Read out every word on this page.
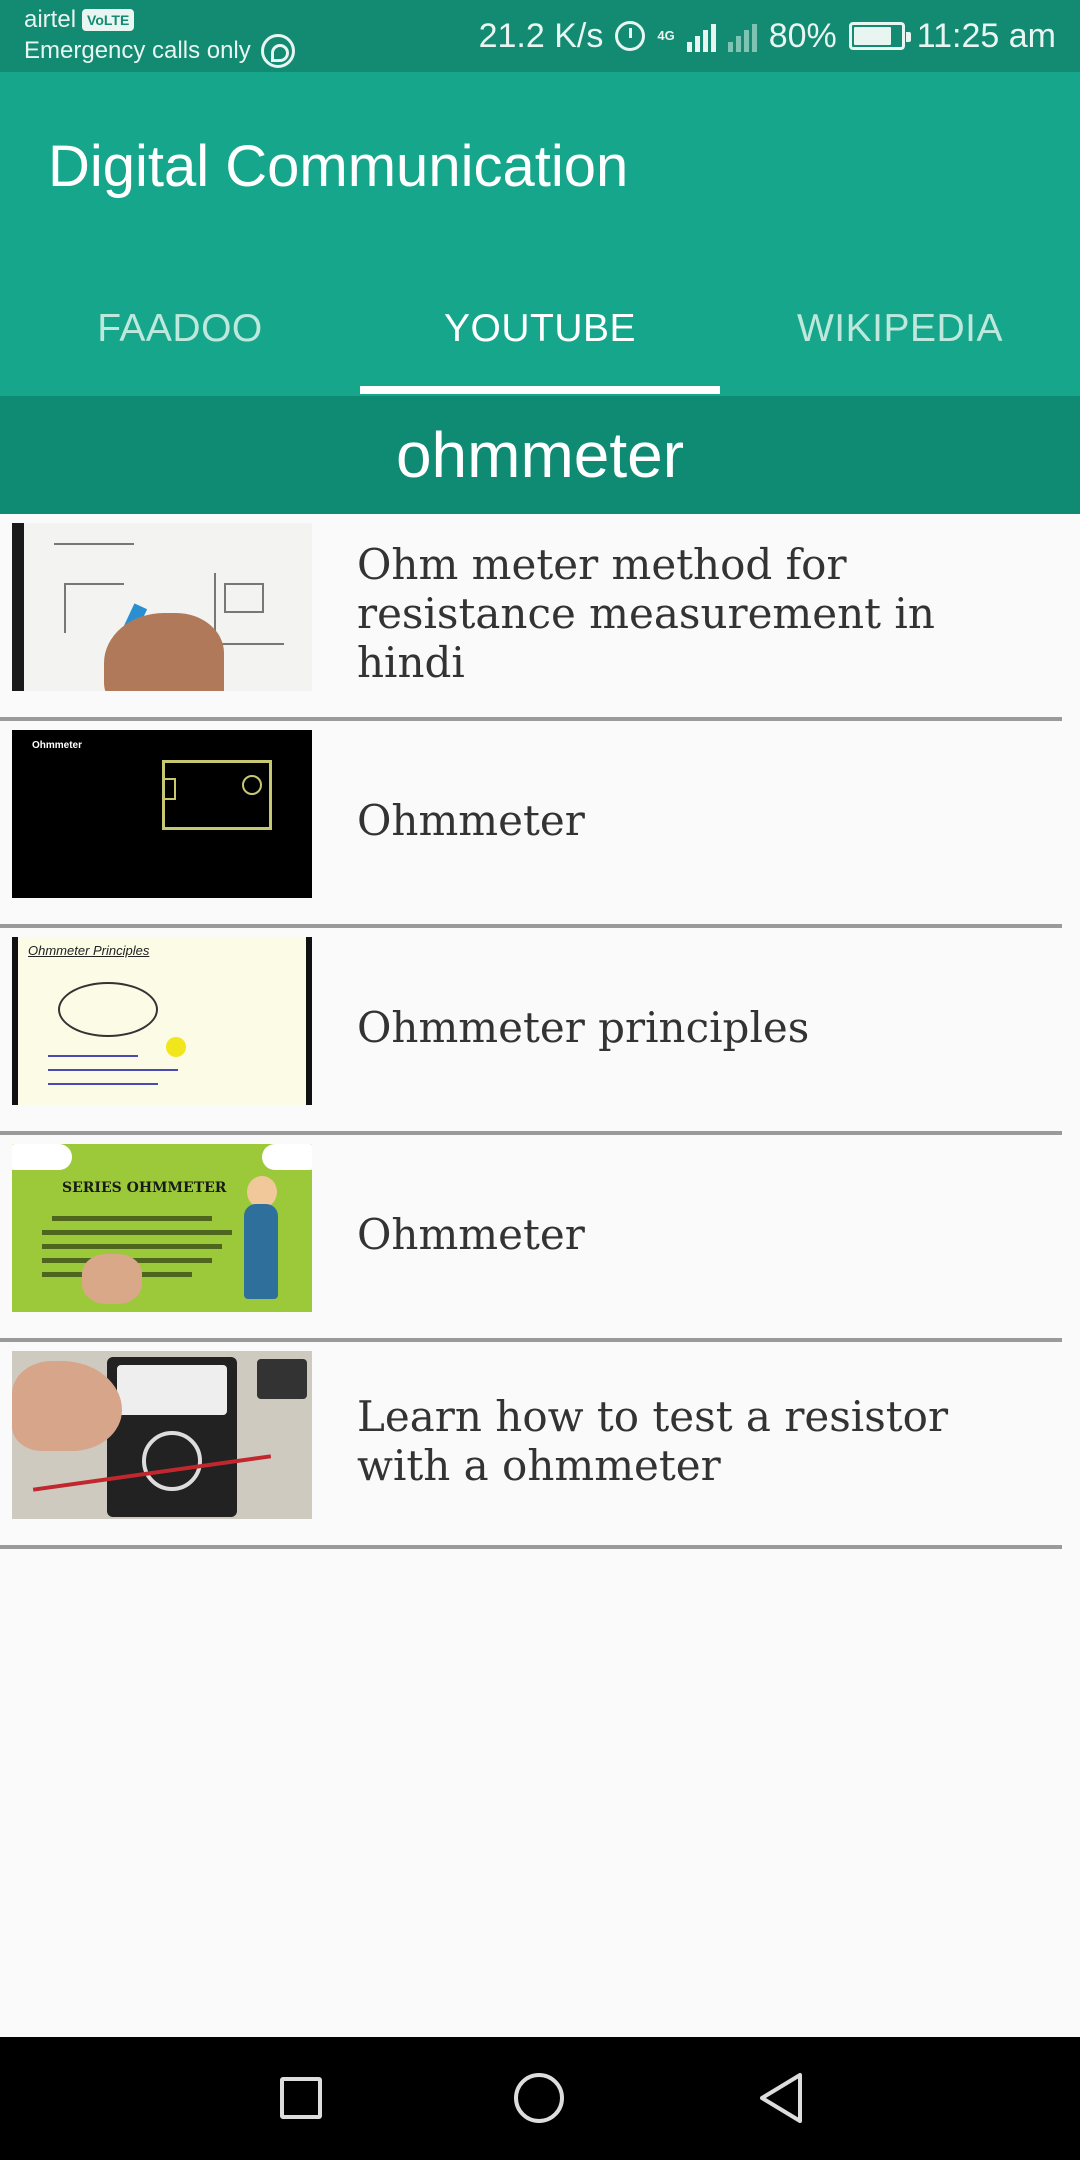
airtel VoLTE
Emergency calls only	21.2 K/s	4G	80% 11:25 am
Digital Communication
FAADOO	YOUTUBE	WIKIPEDIA
ohmmeter
Ohm meter method for resistance measurement in hindi
Ohmmeter
Ohmmeter
Ohmmeter Principles
Ohmmeter principles
SERIES OHMMETER
Ohmmeter
Learn how to test a resistor with a ohmmeter
